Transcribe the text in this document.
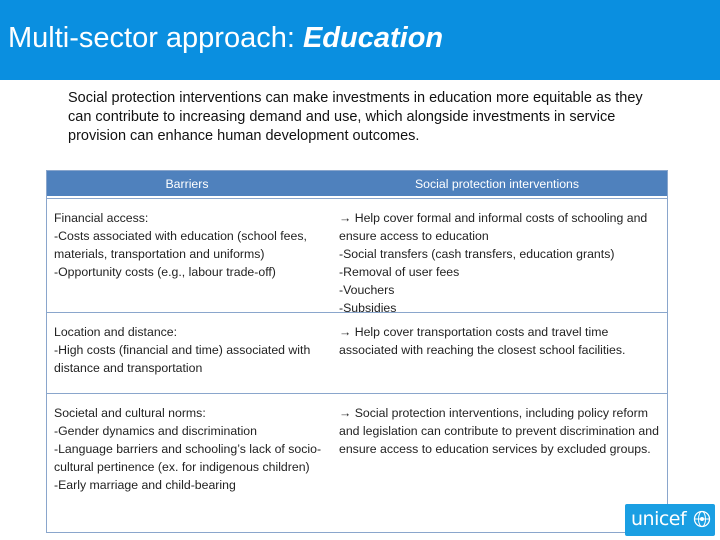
Multi-sector approach: Education
Social protection interventions can make investments in education more equitable as they can contribute to increasing demand and use, which alongside investments in service provision can enhance human development outcomes.
Barriers	Social protection interventions
Financial access:
-Costs associated with education (school fees, materials, transportation and uniforms)
-Opportunity costs (e.g., labour trade-off)
→ Help cover formal and informal costs of schooling and ensure access to education
-Social transfers (cash transfers, education grants)
-Removal of user fees
-Vouchers
-Subsidies
Location and distance:
-High costs (financial and time) associated with distance and transportation
→ Help cover transportation costs and travel time associated with reaching the closest school facilities.
Societal and cultural norms:
-Gender dynamics and discrimination
-Language barriers and schooling’s lack of socio-cultural pertinence (ex. for indigenous children)
-Early marriage and child-bearing
→ Social protection interventions, including policy reform and legislation can contribute to prevent discrimination and ensure access to education services by excluded groups.
unicef
